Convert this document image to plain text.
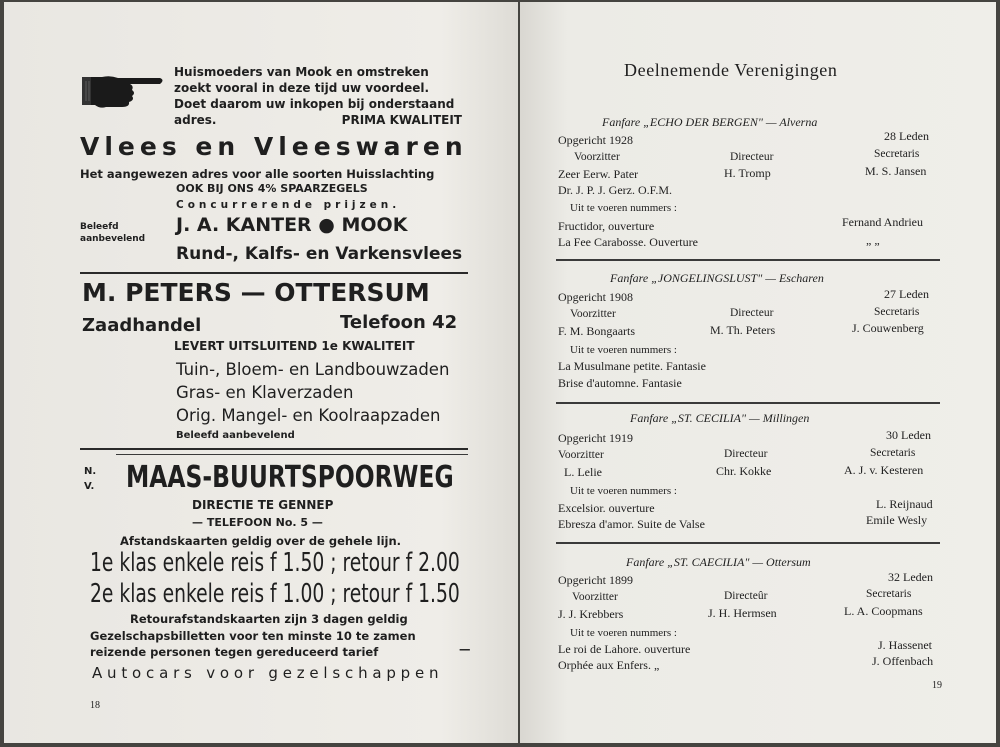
Huismoeders van Mook en omstreken
zoekt vooral in deze tijd uw voordeel.
Doet daarom uw inkopen bij onderstaand
adres.	PRIMA KWALITEIT
Vlees en Vleeswaren
Het aangewezen adres voor alle soorten Huisslachting
OOK BIJ ONS 4% SPAARZEGELS
Concurrerende prijzen.
Beleefd
aanbevelend
J. A. KANTER ● MOOK
Rund-, Kalfs- en Varkensvlees
M. PETERS — OTTERSUM
Zaadhandel	Telefoon 42
LEVERT UITSLUITEND 1e KWALITEIT
Tuin-, Bloem- en Landbouwzaden
Gras- en Klaverzaden
Orig. Mangel- en Koolraapzaden
Beleefd aanbevelend
N.
V. MAAS-BUURTSPOORWEG
DIRECTIE TE GENNEP
— TELEFOON No. 5 —
Afstandskaarten geldig over de gehele lijn.
1e klas enkele reis f 1.50 ; retour f 2.00
2e klas enkele reis f 1.00 ; retour f 1.50
Retourafstandskaarten zijn 3 dagen geldig
Gezelschapsbilletten voor ten minste 10 te zamen
reizende personen tegen gereduceerd tarief	—
Autocars voor gezelschappen
18
Deelnemende Verenigingen
Fanfare „ECHO DER BERGEN" — Alverna
Opgericht 1928	28 Leden
Voorzitter	Directeur	Secretaris
Zeer Eerw. Pater	H. Tromp	M. S. Jansen
Dr. J. P. J. Gerz. O.F.M.
Uit te voeren nummers :
Fructidor, ouverture	Fernand Andrieu
La Fee Carabosse. Ouverture	„ „
Fanfare „JONGELINGSLUST" — Escharen
Opgericht 1908	27 Leden
Voorzitter	Directeur	Secretaris
F. M. Bongaarts	M. Th. Peters	J. Couwenberg
Uit te voeren nummers :
La Musulmane petite. Fantasie
Brise d'automne. Fantasie
Fanfare „ST. CECILIA" — Millingen
Opgericht 1919	30 Leden
Voorzitter	Directeur	Secretaris
L. Lelie	Chr. Kokke	A. J. v. Kesteren
Uit te voeren nummers :
Excelsior. ouverture	L. Reijnaud
Ebresza d'amor. Suite de Valse	Emile Wesly
Fanfare „ST. CAECILIA" — Ottersum
Opgericht 1899	32 Leden
Voorzitter	Directeûr	Secretaris
J. J. Krebbers	J. H. Hermsen	L. A. Coopmans
Uit te voeren nummers :
Le roi de Lahore. ouverture	J. Hassenet
Orphée aux Enfers. „	J. Offenbach
19
